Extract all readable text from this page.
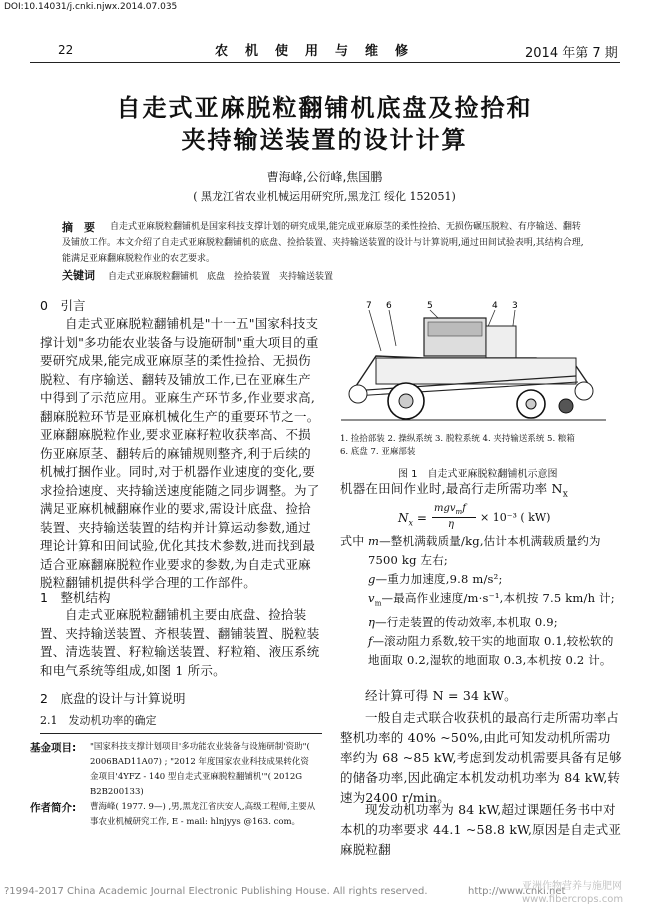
DOI:10.14031/j.cnki.njwx.2014.07.035
22	农　机　使　用　与　维　修	2014 年第 7 期
自走式亚麻脱粒翻铺机底盘及捡拾和
夹持输送装置的设计计算
曹海峰,公衍峰,焦国鹏
( 黑龙江省农业机械运用研究所,黑龙江 绥化 152051)
摘　要	自走式亚麻脱粒翻铺机是国家科技支撑计划的研究成果,能完成亚麻原茎的柔性捡拾、无损伤碾压脱粒、有序输送、翻转及铺放工作。本文介绍了自走式亚麻脱粒翻铺机的底盘、捡拾装置、夹持输送装置的设计与计算说明,通过田间试验表明,其结构合理,能满足亚麻翻麻脱粒作业的农艺要求。
关键词 自走式亚麻脱粒翻铺机　底盘　捡拾装置　夹持输送装置
0　引言

自走式亚麻脱粒翻铺机是"十一五"国家科技支撑计划"多功能农业装备与设施研制"重大项目的重要研究成果,能完成亚麻原茎的柔性捡拾、无损伤脱粒、有序输送、翻转及铺放工作,已在亚麻生产中得到了示范应用。亚麻生产环节多,作业要求高,翻麻脱粒环节是亚麻机械化生产的重要环节之一。亚麻翻麻脱粒作业,要求亚麻籽粒收获率高、不损伤亚麻原茎、翻转后的麻铺规则整齐,利于后续的机械打捆作业。同时,对于机器作业速度的变化,要求捡拾速度、夹持输送速度能随之同步调整。为了满足亚麻机械翻麻作业的要求,需设计底盘、捡拾装置、夹持输送装置的结构并计算运动参数,通过理论计算和田间试验,优化其技术参数,进而找到最适合亚麻翻麻脱粒作业要求的参数,为自走式亚麻脱粒翻铺机提供科学合理的工作部件。

1　整机结构

自走式亚麻脱粒翻铺机主要由底盘、捡拾装置、夹持输送装置、齐根装置、翻铺装置、脱粒装置、清选装置、籽粒输送装置、籽粒箱、液压系统和电气系统等组成,如图 1 所示。

2　底盘的设计与计算说明
2.1　发动机功率的确定
基金项目: "国家科技支撑计划项目'多功能农业装备与设施研制'资助"( 2006BAD11A07) ; "2012 年度国家农业科技成果转化资金项目'4YFZ - 140 型自走式亚麻脱粒翻铺机'"( 2012G B2B200133)
作者简介: 曹海峰( 1977. 9—) ,男,黑龙江省庆安人,高级工程师,主要从事农业机械研究工作, E - mail: hlnjyys @163. com。
7 6	5	4 3
1. 捡拾部装 2. 操纵系统 3. 脱粒系统 4. 夹持输送系统 5. 粮箱
6. 底盘 7. 亚麻部装
图 1　自走式亚麻脱粒翻铺机示意图
机器在田间作业时,最高行走所需功率 $N_x$
$N_x$ =
mgv$_m$f
η
× 10⁻³ ( kW)
式中 m—整机满载质量/kg,估计本机满载质量约为 7500 kg 左右;
g—重力加速度,9.8 m/s²;
$v_m—$最高作业速度/m·s⁻¹,本机按 7.5 km/h 计;
η—行走装置的传动效率,本机取 0.9;
f—滚动阻力系数,较干实的地面取 0.1,较松软的地面取 0.2,湿软的地面取 0.3,本机按 0.2 计。

经计算可得 N = 34 kW。

一般自走式联合收获机的最高行走所需功率占整机功率的 40% ~50%,由此可知发动机所需功率约为 68 ~85 kW,考虑到发动机需要具备有足够的储备功率,因此确定本机发动机功率为 84 kW,转速为2400 r/min。

现发动机功率为 84 kW,超过课题任务书中对本机的功率要求 44.1 ~58.8 kW,原因是自走式亚麻脱粒翻

?1994-2017 China Academic Journal Electronic Publishing House. All rights reserved.	http://www.cnki.net
亚洲作物营养与施肥网 www.fibercrops.com
